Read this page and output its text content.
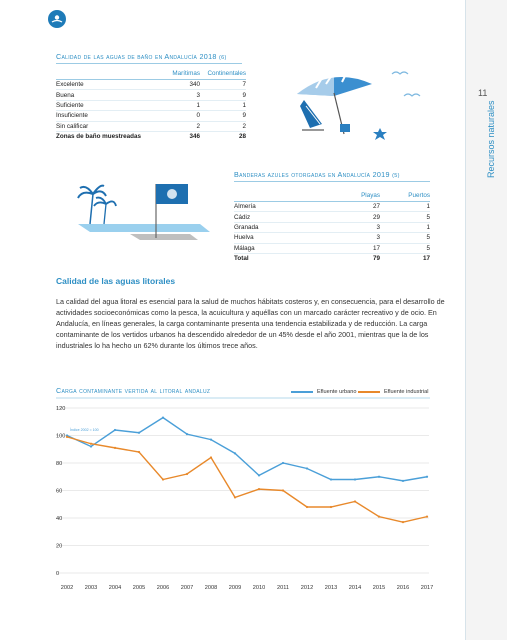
11
Calidad de las aguas de baño en Andalucía 2018 (6)
	Marítimas	Continentales
Excelente	340	7
Buena	3	9
Suficiente	1	1
Insuficiente	0	9
Sin calificar	2	2
Zonas de baño muestreadas	346	28
Banderas azules otorgadas en Andalucía 2019 (5)
	Playas	Puertos
Almería	27	1
Cádiz	29	5
Granada	3	1
Huelva	3	5
Málaga	17	5
Total	79	17
Calidad de las aguas litorales
La calidad del agua litoral es esencial para la salud de muchos hábitats costeros y, en consecuencia, para el desarrollo de actividades socioeconómicas como la pesca, la acuicultura y aquéllas con un marcado carácter recreativo y de ocio. En Andalucía, en líneas generales, la carga contaminante presenta una tendencia estabilizada y de reducción. La carga contaminante de los vertidos urbanos ha descendido alrededor de un 45% desde el año 2001, mientras que la de los industriales lo ha hecho un 62% durante los últimos trece años.
Carga contaminante vertida al litoral andaluz	Efluente urbano	Efluente industrial
0
20
40
60
80
100
120
2002 2003 2004 2005 2006 2007 2008 2009 2010 2011 2012 2013 2014 2015 2016 2017
Índice 2002 = 100
